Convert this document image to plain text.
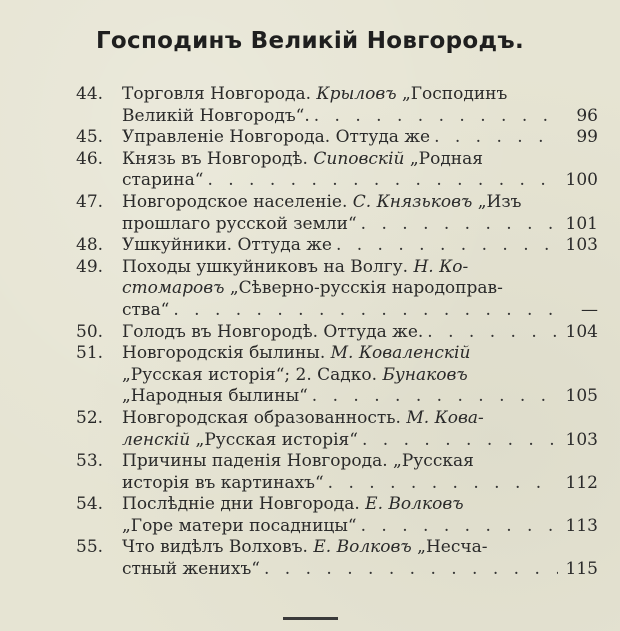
Господинъ Великій Новгородъ.
44.	Торговля Новгорода. Крыловъ „Господинъ
Великій Новгородъ“. . . .	96
45.	Управленіе Новгорода. Оттуда же . . .	99
46.	Князь въ Новгородѣ. Сиповскій „Родная
старина“ . . .	100
47.	Новгородское населеніе. С. Князьковъ „Изъ
прошлаго русской земли“ . . .	101
48.	Ушкуйники. Оттуда же . . .	103
49.	Походы ушкуйниковъ на Волгу. Н. Ко-
стомаровъ „Сѣверно-русскія народоправ-
ства“ . . .	—
50.	Голодъ въ Новгородѣ. Оттуда же. . . .	104
51.	Новгородскія былины. М. Коваленскій
„Русская исторія“; 2. Садко. Бунаковъ
„Народныя былины“ . . .	105
52.	Новгородская образованность. М. Кова-
ленскій „Русская исторія“ . . .	103
53.	Причины паденія Новгорода. „Русская
исторія въ картинахъ“ . . .	112
54.	Послѣдніе дни Новгорода. Е. Волковъ
„Горе матери посадницы“ . . .	113
55.	Что видѣлъ Волховъ. Е. Волковъ „Несча-
стный женихъ“ . . .	115
